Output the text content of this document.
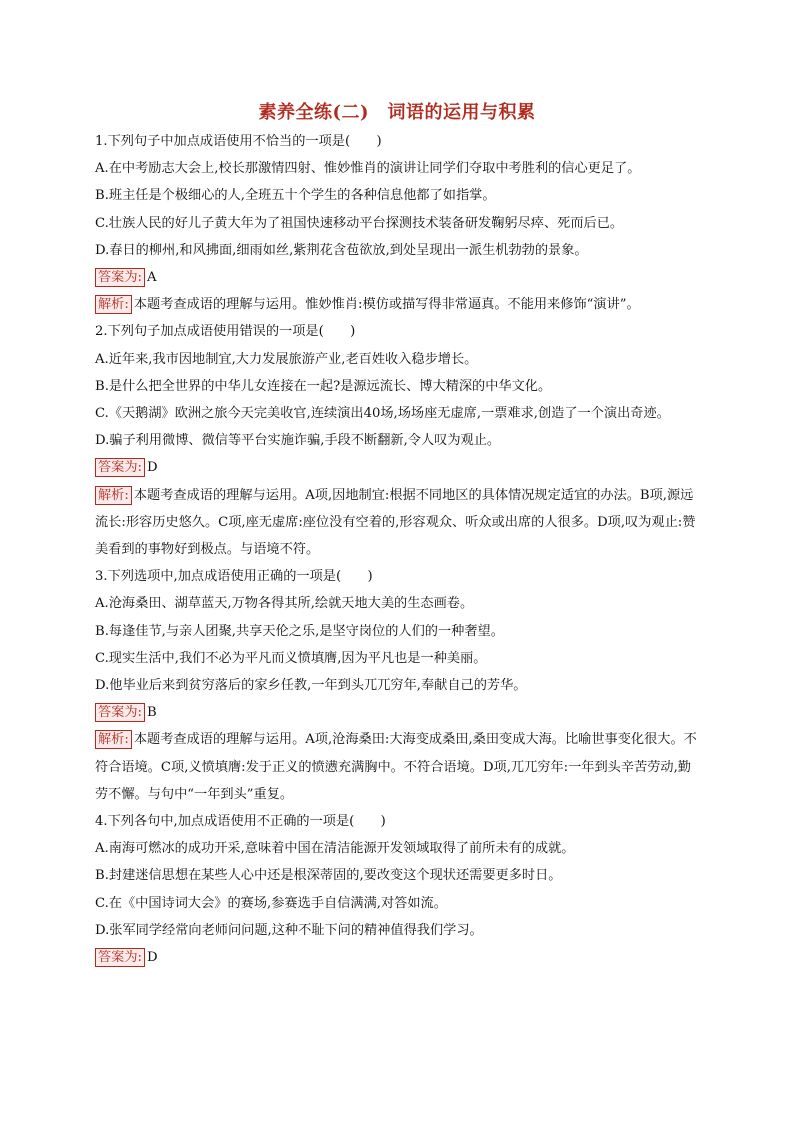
素养全练(二)　词语的运用与积累
1.下列句子中加点成语使用不恰当的一项是(　　)
A.在中考励志大会上,校长那激情四射、惟妙惟肖的演讲让同学们夺取中考胜利的信心更足了。
B.班主任是个极细心的人,全班五十个学生的各种信息他都了如指掌。
C.壮族人民的好儿子黄大年为了祖国快速移动平台探测技术装备研发鞠躬尽瘁、死而后已。
D.春日的柳州,和风拂面,细雨如丝,紫荆花含苞欲放,到处呈现出一派生机勃勃的景象。
答案为: A
解析: 本题考查成语的理解与运用。惟妙惟肖:模仿或描写得非常逼真。不能用来修饰“演讲”。
2.下列句子加点成语使用错误的一项是(　　)
A.近年来,我市因地制宜,大力发展旅游产业,老百姓收入稳步增长。
B.是什么把全世界的中华儿女连接在一起?是源远流长、博大精深的中华文化。
C.《天鹅湖》欧洲之旅今天完美收官,连续演出40场,场场座无虚席,一票难求,创造了一个演出奇迹。
D.骗子利用微博、微信等平台实施诈骗,手段不断翻新,令人叹为观止。
答案为: D
解析: 本题考查成语的理解与运用。A项,因地制宜:根据不同地区的具体情况规定适宜的办法。B项,源远流长:形容历史悠久。C项,座无虚席:座位没有空着的,形容观众、听众或出席的人很多。D项,叹为观止:赞美看到的事物好到极点。与语境不符。
3.下列选项中,加点成语使用正确的一项是(　　)
A.沧海桑田、湖草蓝天,万物各得其所,绘就天地大美的生态画卷。
B.每逢佳节,与亲人团聚,共享天伦之乐,是坚守岗位的人们的一种奢望。
C.现实生活中,我们不必为平凡而义愤填膺,因为平凡也是一种美丽。
D.他毕业后来到贫穷落后的家乡任教,一年到头兀兀穷年,奉献自己的芳华。
答案为: B
解析: 本题考查成语的理解与运用。A项,沧海桑田:大海变成桑田,桑田变成大海。比喻世事变化很大。不符合语境。C项,义愤填膺:发于正义的愤懑充满胸中。不符合语境。D项,兀兀穷年:一年到头辛苦劳动,勤劳不懈。与句中“一年到头”重复。
4.下列各句中,加点成语使用不正确的一项是(　　)
A.南海可燃冰的成功开采,意味着中国在清洁能源开发领域取得了前所未有的成就。
B.封建迷信思想在某些人心中还是根深蒂固的,要改变这个现状还需要更多时日。
C.在《中国诗词大会》的赛场,参赛选手自信满满,对答如流。
D.张军同学经常向老师问问题,这种不耻下问的精神值得我们学习。
答案为: D
